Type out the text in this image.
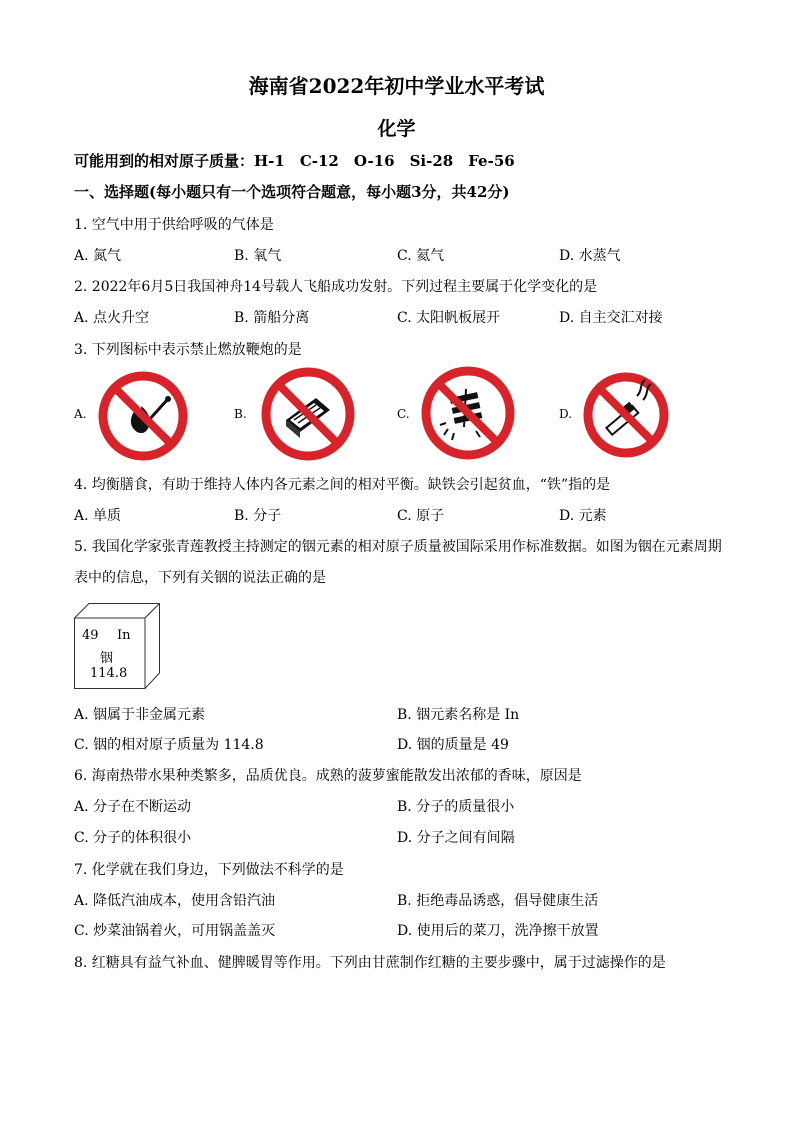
海南省2022年初中学业水平考试
化学
可能用到的相对原子质量：H-1　C-12　O-16　Si-28　Fe-56
一、选择题(每小题只有一个选项符合题意，每小题3分，共42分)
1. 空气中用于供给呼吸的气体是
A. 氮气	B. 氧气	C. 氦气	D. 水蒸气
2. 2022年6月5日我国神舟14号载人飞船成功发射。下列过程主要属于化学变化的是
A. 点火升空	B. 箭船分离	C. 太阳帆板展开	D. 自主交汇对接
3. 下列图标中表示禁止燃放鞭炮的是
A.	B.	C.	D.
4. 均衡膳食，有助于维持人体内各元素之间的相对平衡。缺铁会引起贫血，“铁”指的是
A. 单质	B. 分子	C. 原子	D. 元素
5. 我国化学家张青莲教授主持测定的铟元素的相对原子质量被国际采用作标准数据。如图为铟在元素周期
表中的信息，下列有关铟的说法正确的是
49 In
铟
114.8
A. 铟属于非金属元素	B. 铟元素名称是 In
C. 铟的相对原子质量为 114.8	D. 铟的质量是 49
6. 海南热带水果种类繁多，品质优良。成熟的菠萝蜜能散发出浓郁的香味，原因是
A. 分子在不断运动	B. 分子的质量很小
C. 分子的体积很小	D. 分子之间有间隔
7. 化学就在我们身边，下列做法不科学的是
A. 降低汽油成本，使用含铅汽油	B. 拒绝毒品诱惑，倡导健康生活
C. 炒菜油锅着火，可用锅盖盖灭	D. 使用后的菜刀，洗净擦干放置
8. 红糖具有益气补血、健脾暖胃等作用。下列由甘蔗制作红糖的主要步骤中，属于过滤操作的是
